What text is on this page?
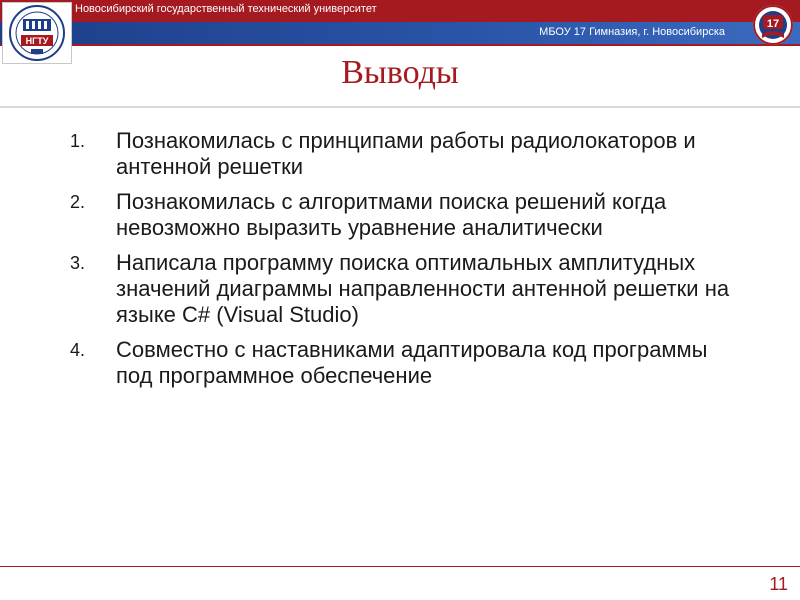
Новосибирский государственный технический университет
МБОУ 17 Гимназия, г. Новосибирска
НГТУ
17
Выводы
1. Познакомилась с принципами работы радиолокаторов и антенной решетки
2. Познакомилась с алгоритмами поиска решений когда невозможно выразить уравнение аналитически
3. Написала программу поиска оптимальных амплитудных значений диаграммы направленности антенной решетки на языке C# (Visual Studio)
4. Совместно с наставниками адаптировала код программы под программное обеспечение
11
